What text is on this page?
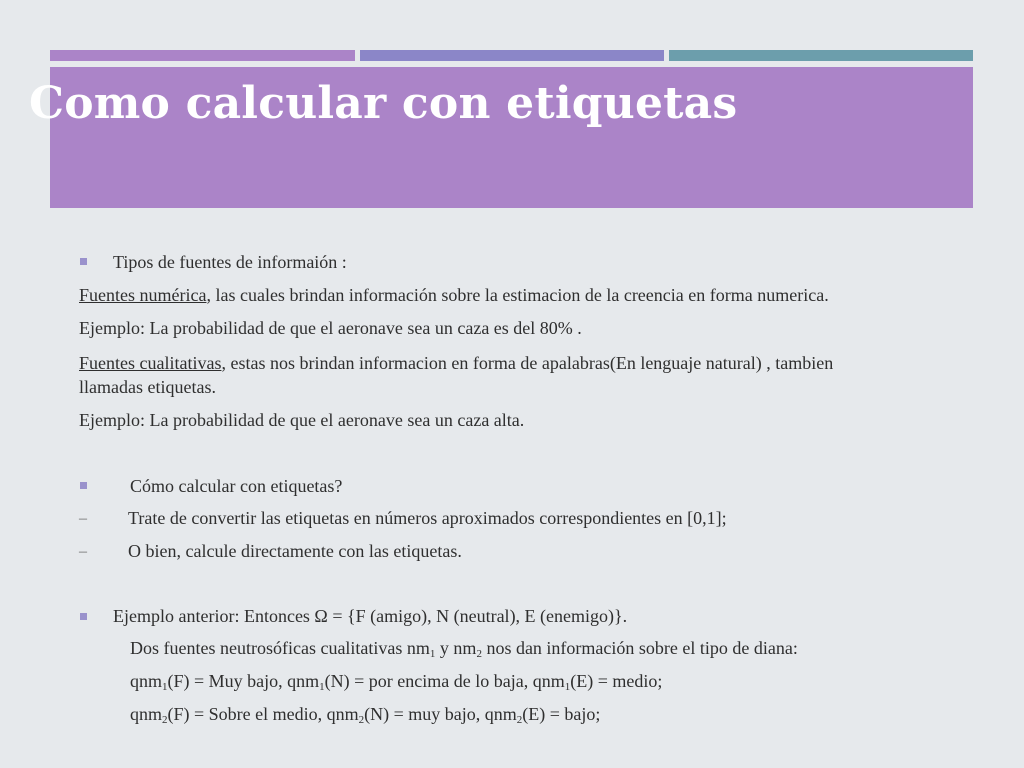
Como calcular con etiquetas
Tipos de fuentes de informaión :
Fuentes numérica, las cuales brindan información sobre la estimacion de la creencia en forma numerica.
Ejemplo: La probabilidad de que el aeronave sea un caza es del 80% .
Fuentes cualitativas, estas nos brindan informacion en forma de apalabras(En lenguaje natural) , tambien
llamadas etiquetas.
Ejemplo: La probabilidad de que el aeronave sea un caza alta.
Cómo calcular con etiquetas?
– Trate de convertir las etiquetas en números aproximados correspondientes en [0,1];
– O bien, calcule directamente con las etiquetas.
Ejemplo anterior: Entonces Ω = {F (amigo), N (neutral), E (enemigo)}.
Dos fuentes neutrosóficas cualitativas $nm_1$ y $nm_2$ nos dan información sobre el tipo de diana:
qnm$_1$(F) = Muy bajo, qnm$_1$(N) = por encima de lo baja, qnm$_1$(E) = medio;
qnm$_2$(F) = Sobre el medio, qnm$_2$(N) = muy bajo, qnm$_2$(E) = bajo;
